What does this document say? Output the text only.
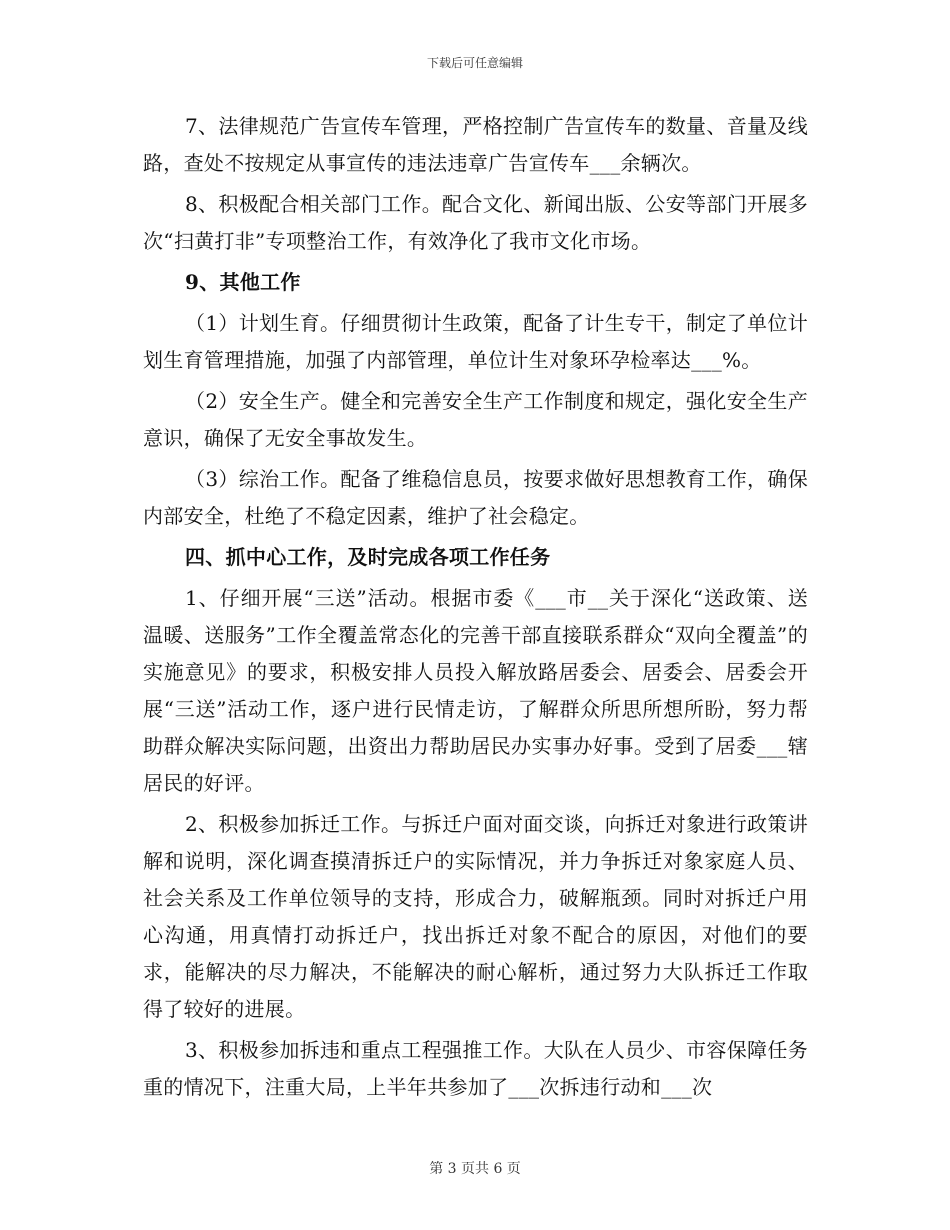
下载后可任意编辑

7、法律规范广告宣传车管理，严格控制广告宣传车的数量、音量及线路，查处不按规定从事宣传的违法违章广告宣传车___余辆次。

8、积极配合相关部门工作。配合文化、新闻出版、公安等部门开展多次“扫黄打非”专项整治工作，有效净化了我市文化市场。

9、其他工作

（1）计划生育。仔细贯彻计生政策，配备了计生专干，制定了单位计划生育管理措施，加强了内部管理，单位计生对象环孕检率达___%。

（2）安全生产。健全和完善安全生产工作制度和规定，强化安全生产意识，确保了无安全事故发生。

（3）综治工作。配备了维稳信息员，按要求做好思想教育工作，确保内部安全，杜绝了不稳定因素，维护了社会稳定。

四、抓中心工作，及时完成各项工作任务

1、仔细开展“三送”活动。根据市委《___市__关于深化“送政策、送温暖、送服务”工作全覆盖常态化的完善干部直接联系群众“双向全覆盖”的实施意见》的要求，积极安排人员投入解放路居委会、居委会、居委会开展“三送”活动工作，逐户进行民情走访，了解群众所思所想所盼，努力帮助群众解决实际问题，出资出力帮助居民办实事办好事。受到了居委___辖居民的好评。

2、积极参加拆迁工作。与拆迁户面对面交谈，向拆迁对象进行政策讲解和说明，深化调查摸清拆迁户的实际情况，并力争拆迁对象家庭人员、社会关系及工作单位领导的支持，形成合力，破解瓶颈。同时对拆迁户用心沟通，用真情打动拆迁户，找出拆迁对象不配合的原因，对他们的要求，能解决的尽力解决，不能解决的耐心解析，通过努力大队拆迁工作取得了较好的进展。

3、积极参加拆违和重点工程强推工作。大队在人员少、市容保障任务重的情况下，注重大局，上半年共参加了___次拆违行动和___次

第 3 页共 6 页
